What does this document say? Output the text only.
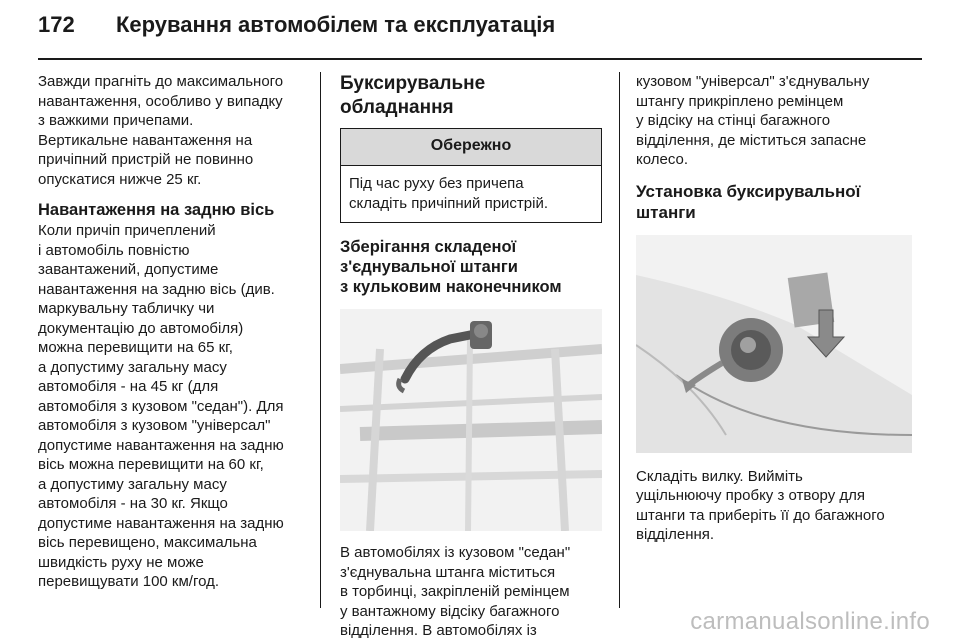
172	Керування автомобілем та експлуатація
Завжди прагніть до максимального
навантаження, особливо у випадку
з важкими причепами.
Вертикальне навантаження на
причіпний пристрій не повинно
опускатися нижче 25 кг.
Навантаження на задню вісь
Коли причіп причеплений
і автомобіль повністю
завантажений, допустиме
навантаження на задню вісь (див.
маркувальну табличку чи
документацію до автомобіля)
можна перевищити на 65 кг,
а допустиму загальну масу
автомобіля - на 45 кг (для
автомобіля з кузовом "седан"). Для
автомобіля з кузовом "універсал"
допустиме навантаження на задню
вісь можна перевищити на 60 кг,
а допустиму загальну масу
автомобіля - на 30 кг. Якщо
допустиме навантаження на задню
вісь перевищено, максимальна
швидкість руху не може
перевищувати 100 км/год.
Буксирувальне обладнання
Обережно
Під час руху без причепа
складіть причіпний пристрій.
Зберігання складеної
з'єднувальної штанги
з кульковим наконечником
В автомобілях із кузовом "седан"
з'єднувальна штанга міститься
в торбинці, закріпленій ремінцем
у вантажному відсіку багажного
відділення. В автомобілях із
кузовом "універсал" з'єднувальну
штангу прикріплено ремінцем
у відсіку на стінці багажного
відділення, де міститься запасне
колесо.
Установка буксирувальної
штанги
Складіть вилку. Вийміть
ущільнюючу пробку з отвору для
штанги та приберіть її до багажного
відділення.
carmanualsonline.info
